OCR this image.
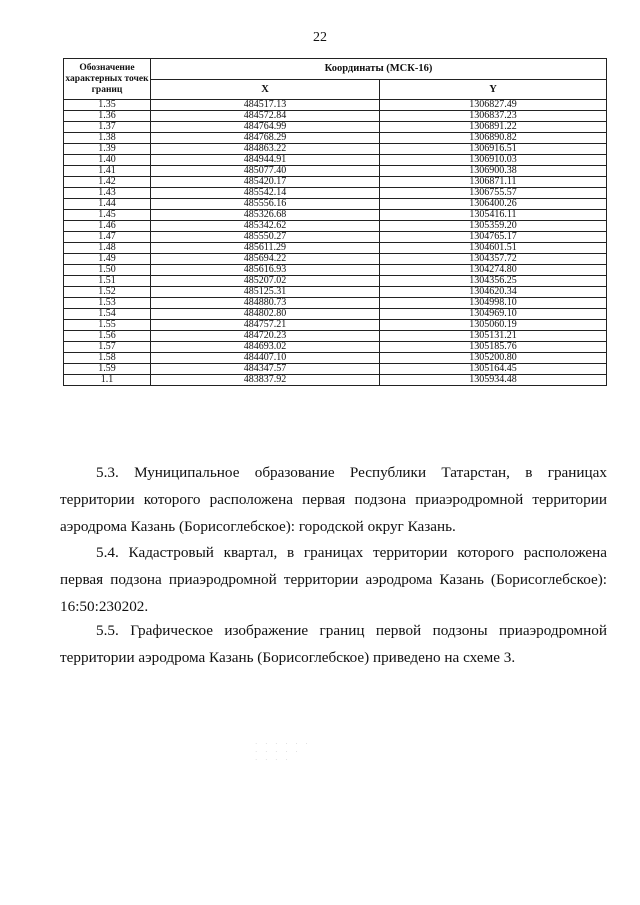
22
Обозначение характерных точек границ	Координаты (МСК-16)	
	X	Y
1.35	484517.13	1306827.49
1.36	484572.84	1306837.23
1.37	484764.99	1306891.22
1.38	484768.29	1306890.82
1.39	484863.22	1306916.51
1.40	484944.91	1306910.03
1.41	485077.40	1306900.38
1.42	485420.17	1306871.11
1.43	485542.14	1306755.57
1.44	485556.16	1306400.26
1.45	485326.68	1305416.11
1.46	485342.62	1305359.20
1.47	485550.27	1304765.17
1.48	485611.29	1304601.51
1.49	485694.22	1304357.72
1.50	485616.93	1304274.80
1.51	485207.02	1304356.25
1.52	485125.31	1304620.34
1.53	484880.73	1304998.10
1.54	484802.80	1304969.10
1.55	484757.21	1305060.19
1.56	484720.23	1305131.21
1.57	484693.02	1305185.76
1.58	484407.10	1305200.80
1.59	484347.57	1305164.45
1.1	483837.92	1305934.48
5.3. Муниципальное образование Республики Татарстан, в границах территории которого расположена первая подзона приаэродромной территории аэродрома Казань (Борисоглебское): городской округ Казань.
5.4. Кадастровый квартал, в границах территории которого расположена первая подзона приаэродромной территории аэродрома Казань (Борисоглебское): 16:50:230202.
5.5. Графическое изображение границ первой подзоны приаэродромной территории аэродрома Казань (Борисоглебское) приведено на схеме 3.
· · · · · ·
· · · · ·
· · · ·
